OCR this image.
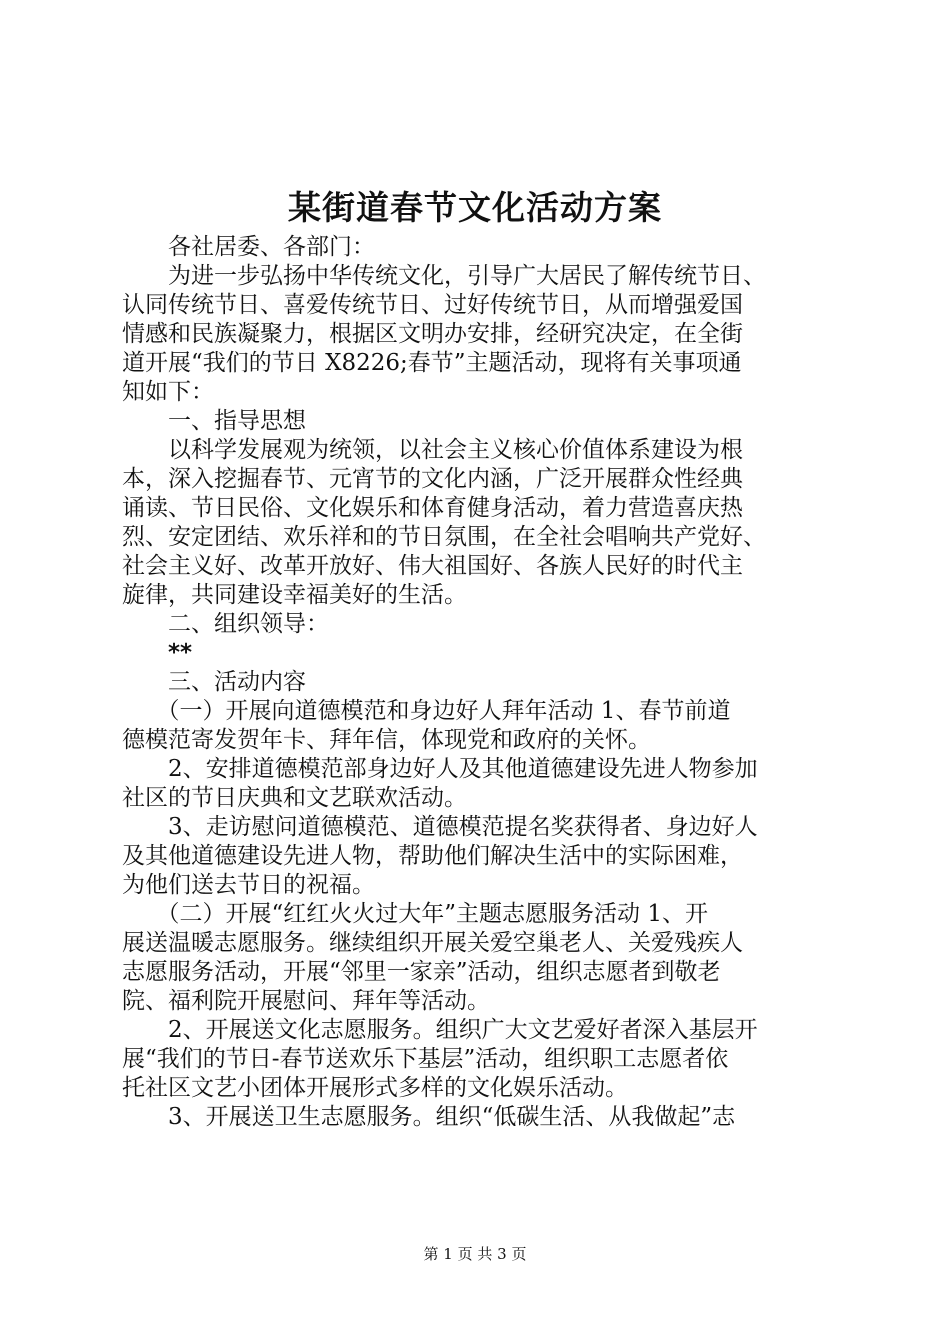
某街道春节文化活动方案
　　各社居委、各部门：
　　为进一步弘扬中华传统文化，引导广大居民了解传统节日、
认同传统节日、喜爱传统节日、过好传统节日，从而增强爱国
情感和民族凝聚力，根据区文明办安排，经研究决定，在全街
道开展“我们的节日 X8226;春节”主题活动，现将有关事项通
知如下：
　　一、指导思想
　　以科学发展观为统领，以社会主义核心价值体系建设为根
本，深入挖掘春节、元宵节的文化内涵，广泛开展群众性经典
诵读、节日民俗、文化娱乐和体育健身活动，着力营造喜庆热
烈、安定团结、欢乐祥和的节日氛围，在全社会唱响共产党好、
社会主义好、改革开放好、伟大祖国好、各族人民好的时代主
旋律，共同建设幸福美好的生活。
　　二、组织领导：
　　**
　　三、活动内容
　　（一）开展向道德模范和身边好人拜年活动 1、春节前道
德模范寄发贺年卡、拜年信，体现党和政府的关怀。
　　2、安排道德模范部身边好人及其他道德建设先进人物参加
社区的节日庆典和文艺联欢活动。
　　3、走访慰问道德模范、道德模范提名奖获得者、身边好人
及其他道德建设先进人物，帮助他们解决生活中的实际困难，
为他们送去节日的祝福。
　　（二）开展“红红火火过大年”主题志愿服务活动 1、开
展送温暖志愿服务。继续组织开展关爱空巢老人、关爱残疾人
志愿服务活动，开展“邻里一家亲”活动，组织志愿者到敬老
院、福利院开展慰问、拜年等活动。
　　2、开展送文化志愿服务。组织广大文艺爱好者深入基层开
展“我们的节日-春节送欢乐下基层”活动，组织职工志愿者依
托社区文艺小团体开展形式多样的文化娱乐活动。
　　3、开展送卫生志愿服务。组织“低碳生活、从我做起”志
第 1 页 共 3 页
